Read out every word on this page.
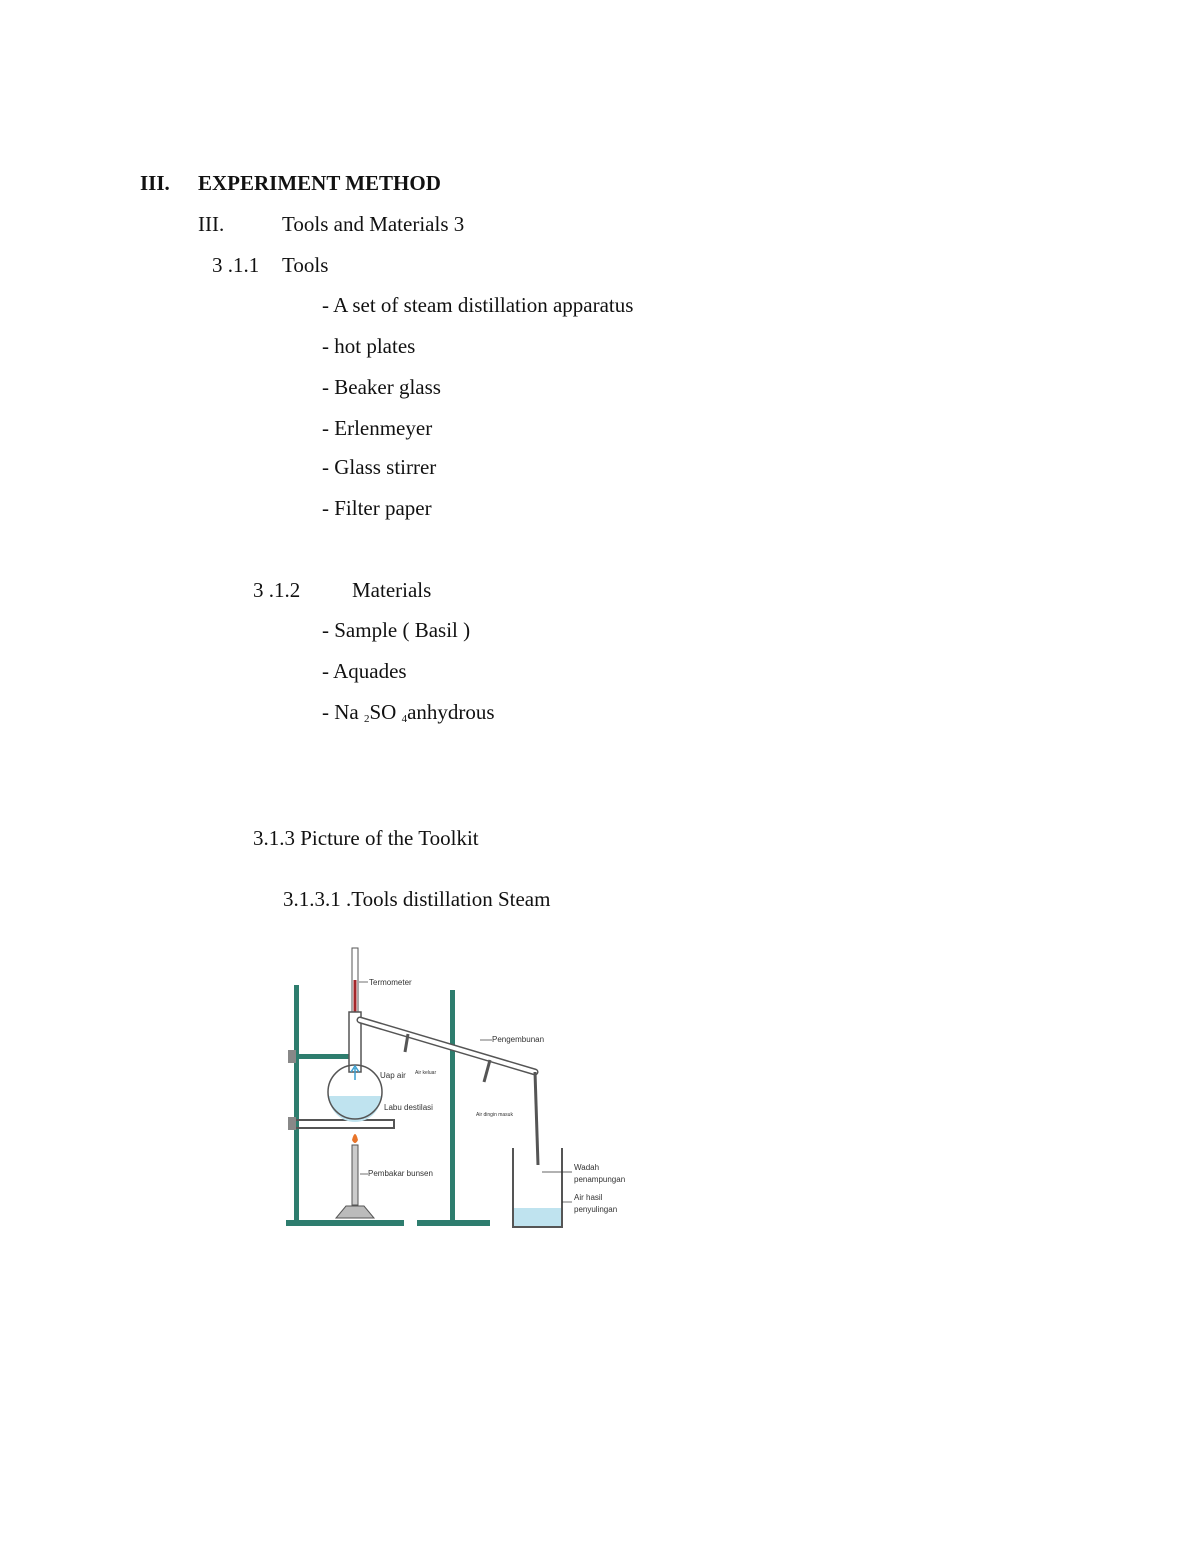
III. EXPERIMENT METHOD
III.	Tools and Materials 3
3 .1.1 Tools
- A set of steam distillation apparatus
- hot plates
- Beaker glass
- Erlenmeyer
- Glass stirrer
- Filter paper
3 .1.2 Materials
- Sample ( Basil )
- Aquades
- Na $_2$SO $_4$anhydrous
3.1.3 Picture of the Toolkit
3.1.3.1 .Tools distillation Steam
Termometer
Pengembunan
Uap air Air keluar
Labu destilasi
Air dingin masuk
Pembakar bunsen
Wadah
penampungan
Air hasil
penyulingan
